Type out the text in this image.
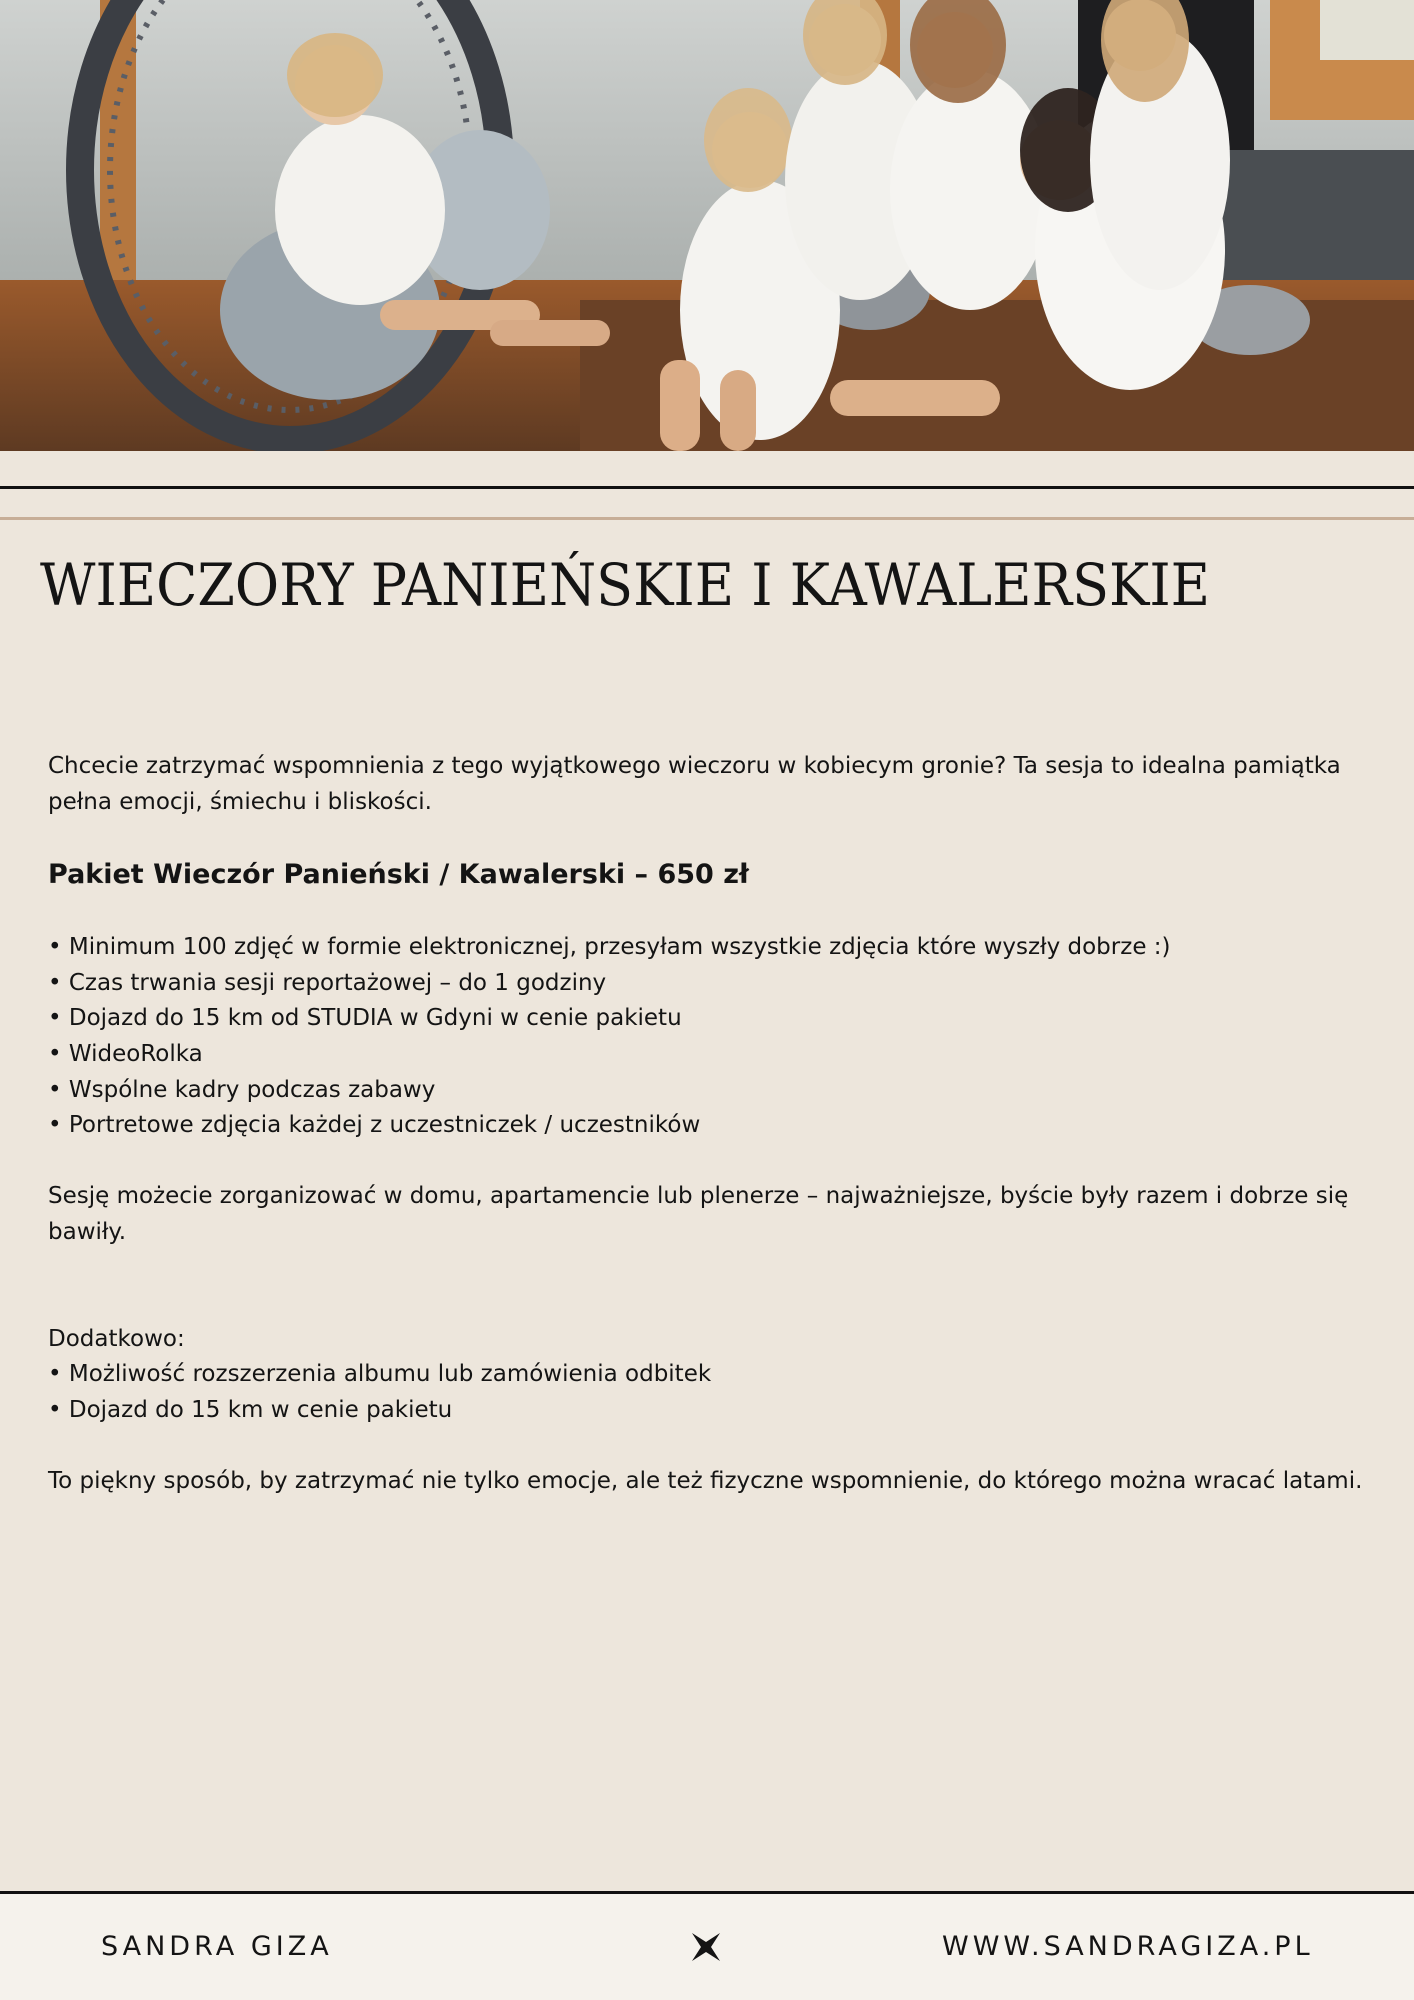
WIECZORY PANIEŃSKIE I KAWALERSKIE

Chcecie zatrzymać wspomnienia z tego wyjątkowego wieczoru w kobiecym gronie? Ta sesja to idealna pamiątka pełna emocji, śmiechu i bliskości.

Pakiet Wieczór Panieński / Kawalerski – 650 zł

• Minimum 100 zdjęć w formie elektronicznej, przesyłam wszystkie zdjęcia które wyszły dobrze :)
• Czas trwania sesji reportażowej – do 1 godziny
• Dojazd do 15 km od STUDIA w Gdyni w cenie pakietu
• WideoRolka
• Wspólne kadry podczas zabawy
• Portretowe zdjęcia każdej z uczestniczek / uczestników

Sesję możecie zorganizować w domu, apartamencie lub plenerze – najważniejsze, byście były razem i dobrze się bawiły.

Dodatkowo:

• Możliwość rozszerzenia albumu lub zamówienia odbitek
• Dojazd do 15 km w cenie pakietu

To piękny sposób, by zatrzymać nie tylko emocje, ale też fizyczne wspomnienie, do którego można wracać latami.

SANDRA GIZA	WWW.SANDRAGIZA.PL
